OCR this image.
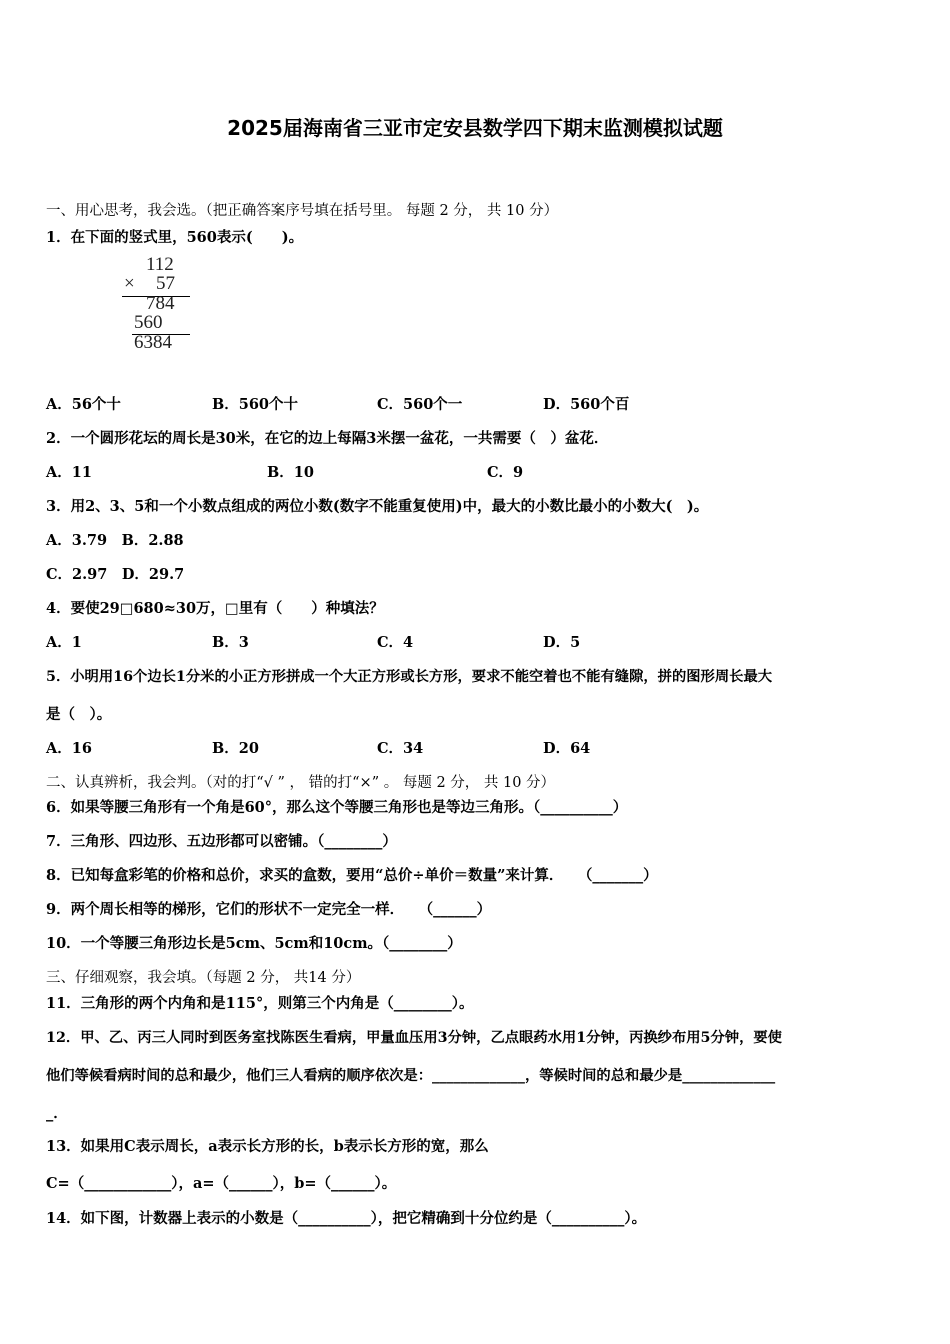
2025届海南省三亚市定安县数学四下期末监测模拟试题
一、用心思考，我会选。（把正确答案序号填在括号里。 每题 2 分， 共 10 分）
1．在下面的竖式里，560表示(　　)。
112
× 57
784
560
6384
A．56个十	B．560个十	C．560个一	D．560个百
2．一个圆形花坛的周长是30米，在它的边上每隔3米摆一盆花，一共需要（　）盆花．
A．11	B．10	C．9
3．用2、3、5和一个小数点组成的两位小数(数字不能重复使用)中，最大的小数比最小的小数大(　)。
A．3.79　B．2.88
C．2.97　D．29.7
4．要使29□680≈30万，□里有（　　）种填法？
A．1	B．3	C．4	D．5
5．小明用16个边长1分米的小正方形拼成一个大正方形或长方形，要求不能空着也不能有缝隙，拼的图形周长最大
是（　）。
A．16	B．20	C．34	D．64
二、认真辨析，我会判。（对的打“√ ” ， 错的打“×” 。 每题 2 分， 共 10 分）
6．如果等腰三角形有一个角是60°，那么这个等腰三角形也是等边三角形。（__________）
7．三角形、四边形、五边形都可以密铺。（________）
8．已知每盒彩笔的价格和总价，求买的盒数，要用“总价÷单价＝数量”来计算．　　（_______）
9．两个周长相等的梯形，它们的形状不一定完全一样．　　（______）
10．一个等腰三角形边长是5cm、5cm和10cm。（________）
三、仔细观察，我会填。（每题 2 分， 共14 分）
11．三角形的两个内角和是115°，则第三个内角是（________）。
12．甲、乙、丙三人同时到医务室找陈医生看病，甲量血压用3分钟，乙点眼药水用1分钟，丙换纱布用5分钟，要使
他们等候看病时间的总和最少，他们三人看病的顺序依次是：_____________，等候时间的总和最少是_____________
_．
13．如果用C表示周长，a表示长方形的长，b表示长方形的宽，那么
C=（____________），a=（______），b=（______）。
14．如下图，计数器上表示的小数是（__________），把它精确到十分位约是（__________）。
